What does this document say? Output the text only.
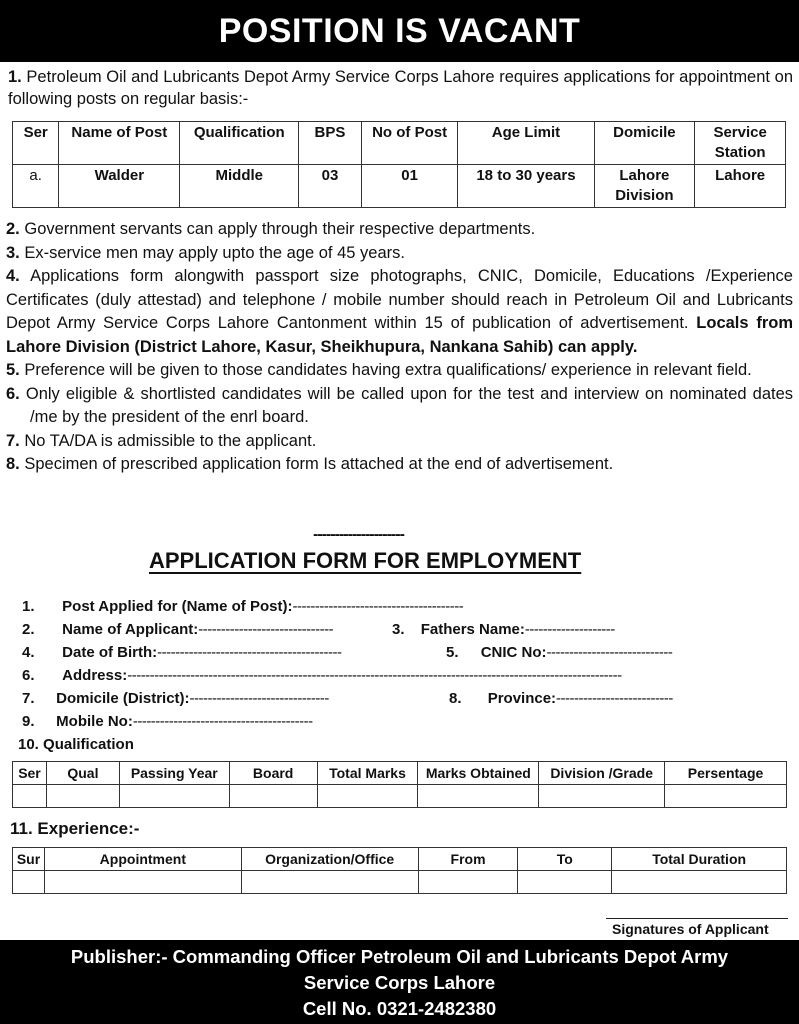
POSITION IS VACANT
1. Petroleum Oil and Lubricants Depot Army Service Corps Lahore requires applications for appointment on following posts on regular basis:-
Ser	Name of Post	Qualification	BPS	No of Post	Age Limit	Domicile	Service Station
a.	Walder	Middle	03	01	18 to 30 years	Lahore Division	Lahore
2. Government servants can apply through their respective departments.
3. Ex-service men may apply upto the age of 45 years.
4. Applications form alongwith passport size photographs, CNIC, Domicile, Educations /Experience Certificates (duly attestad) and telephone / mobile number should reach in Petroleum Oil and Lubricants Depot Army Service Corps Lahore Cantonment within 15 of publication of advertisement. Locals from Lahore Division (District Lahore, Kasur, Sheikhupura, Nankana Sahib) can apply.
5. Preference will be given to those candidates having extra qualifications/ experience in relevant field.
6. Only eligible & shortlisted candidates will be called upon for the test and interview on nominated dates /me by the president of the enrl board.
7. No TA/DA is admissible to the applicant.
8. Specimen of prescribed application form Is attached at the end of advertisement.
---------------------
APPLICATION FORM FOR EMPLOYMENT
1. Post Applied for (Name of Post):--------------------------------------
2. Name of Applicant:------------------------------	3. Fathers Name:--------------------
4. Date of Birth:-----------------------------------------	5. CNIC No:----------------------------
6. Address:--------------------------------------------------------------------------------------------------------------
7. Domicile (District):-------------------------------	8. Province:--------------------------
9. Mobile No:----------------------------------------
10. Qualification
Ser	Qual	Passing Year	Board	Total Marks	Marks Obtained	Division /Grade	Persentage

11. Experience:-
Sur	Appointment	Organization/Office	From	To	Total Duration

Signatures of Applicant
Publisher:- Commanding Officer Petroleum Oil and Lubricants Depot Army
Service Corps Lahore
Cell No. 0321-2482380
